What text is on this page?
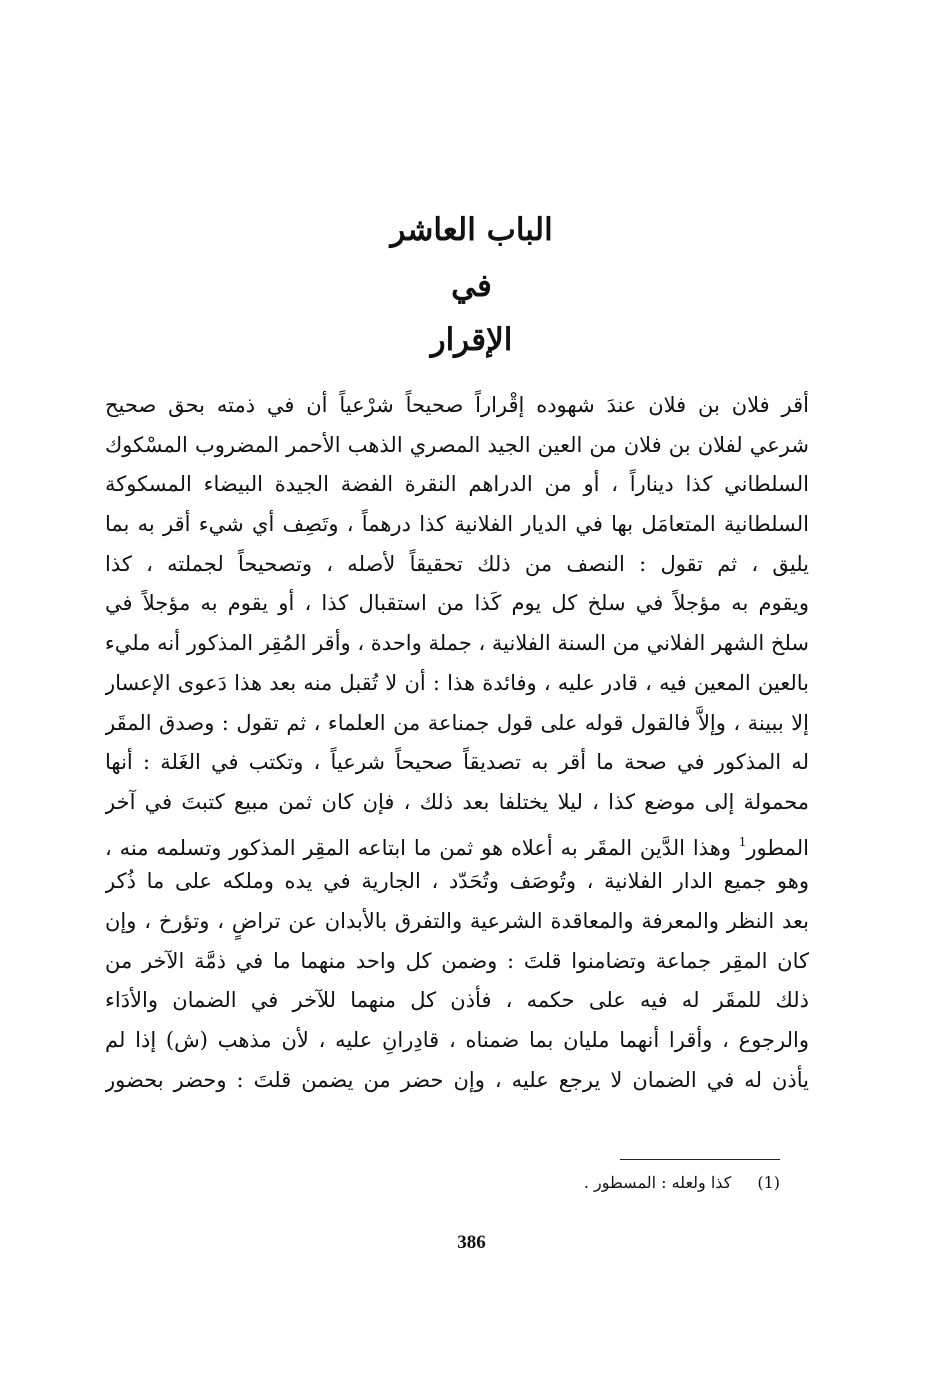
الباب العاشر
في
الإقرار
أقر فلان بن فلان عندَ شهوده إقْراراً صحيحاً شرْعياً أن في ذمته بحق صحيح
شرعي لفلان بن فلان من العين الجيد المصري الذهب الأحمر المضروب المسْكوك
السلطاني كذا ديناراً ، أو من الدراهم النقرة الفضة الجيدة البيضاء المسكوكة
السلطانية المتعامَل بها في الديار الفلانية كذا درهماً ، وتَصِف أي شيء أقر به بما
يليق ، ثم تقول : النصف من ذلك تحقيقاً لأصله ، وتصحيحاً لجملته ، كذا
ويقوم به مؤجلاً في سلخ كل يوم كَذا من استقبال كذا ، أو يقوم به مؤجلاً في
سلخ الشهر الفلاني من السنة الفلانية ، جملة واحدة ، وأقر المُقِر المذكور أنه مليء
بالعين المعين فيه ، قادر عليه ، وفائدة هذا : أن لا تُقبل منه بعد هذا دَعوى الإعسار
إلا ببينة ، وإلاَّ فالقول قوله على قول جمناعة من العلماء ، ثم تقول : وصدق المقَر
له المذكور في صحة ما أقر به تصديقاً صحيحاً شرعياً ، وتكتب في الغَلة : أنها
محمولة إلى موضع كذا ، ليلا يختلفا بعد ذلك ، فإن كان ثمن مبيع كتبتَ في آخر
المطور$^1$ وهذا الدَّين المقَر به أعلاه هو ثمن ما ابتاعه المقِر المذكور وتسلمه منه ،
وهو جميع الدار الفلانية ، وتُوصَف وتُحَدّد ، الجارية في يده وملكه على ما ذُكر
بعد النظر والمعرفة والمعاقدة الشرعية والتفرق بالأبدان عن تراضٍ ، وتؤرخ ، وإن
كان المقِر جماعة وتضامنوا قلتَ : وضمن كل واحد منهما ما في ذمَّة الآخر من
ذلك للمقَر له فيه على حكمه ، فأذن كل منهما للآخر في الضمان والأدَاء
والرجوع ، وأقرا أنهما مليان بما ضمناه ، قادِرانِ عليه ، لأن مذهب (ش) إذا لم
يأذن له في الضمان لا يرجع عليه ، وإن حضر من يضمن قلتَ : وحضر بحضور
(1)كذا ولعله : المسطور .
386
